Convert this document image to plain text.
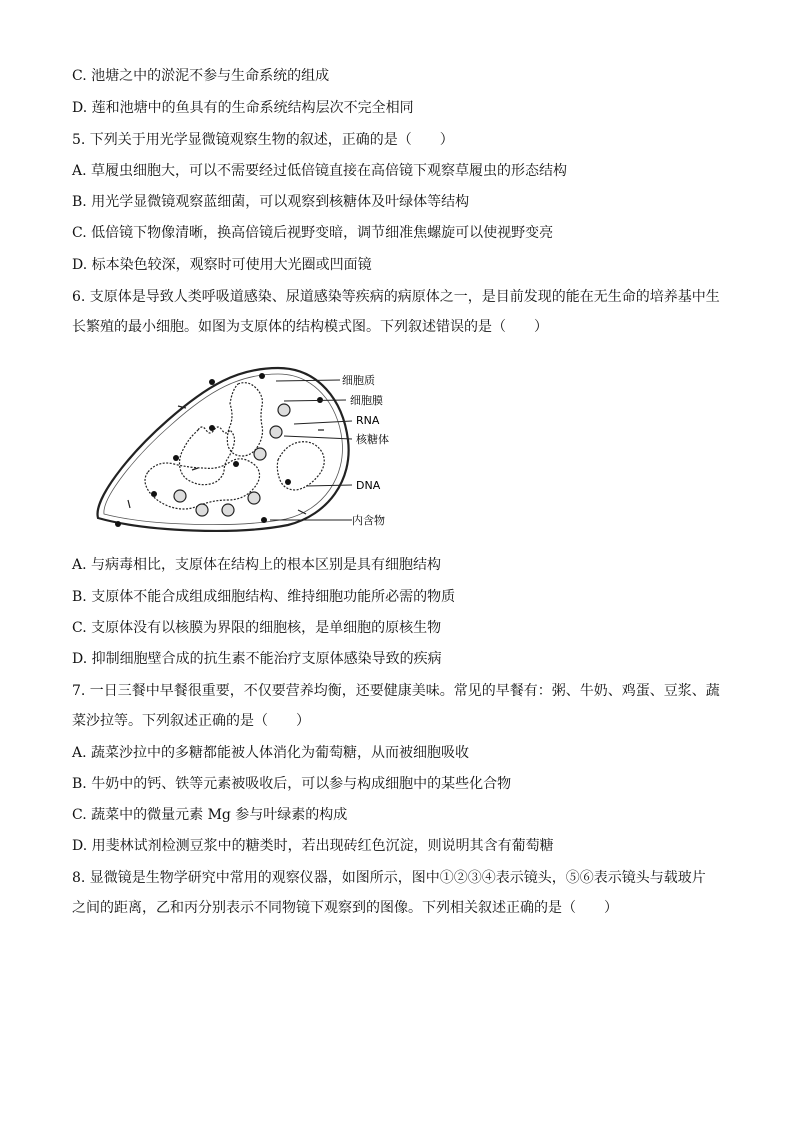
C. 池塘之中的淤泥不参与生命系统的组成
D. 莲和池塘中的鱼具有的生命系统结构层次不完全相同
5. 下列关于用光学显微镜观察生物的叙述，正确的是（　　）
A. 草履虫细胞大，可以不需要经过低倍镜直接在高倍镜下观察草履虫的形态结构
B. 用光学显微镜观察蓝细菌，可以观察到核糖体及叶绿体等结构
C. 低倍镜下物像清晰，换高倍镜后视野变暗，调节细准焦螺旋可以使视野变亮
D. 标本染色较深，观察时可使用大光圈或凹面镜
6. 支原体是导致人类呼吸道感染、尿道感染等疾病的病原体之一，是目前发现的能在无生命的培养基中生
长繁殖的最小细胞。如图为支原体的结构模式图。下列叙述错误的是（　　）
细胞质
细胞膜
RNA
核糖体
DNA
内含物
A. 与病毒相比，支原体在结构上的根本区别是具有细胞结构
B. 支原体不能合成组成细胞结构、维持细胞功能所必需的物质
C. 支原体没有以核膜为界限的细胞核，是单细胞的原核生物
D. 抑制细胞壁合成的抗生素不能治疗支原体感染导致的疾病
7. 一日三餐中早餐很重要，不仅要营养均衡，还要健康美味。常见的早餐有：粥、牛奶、鸡蛋、豆浆、蔬
菜沙拉等。下列叙述正确的是（　　）
A. 蔬菜沙拉中的多糖都能被人体消化为葡萄糖，从而被细胞吸收
B. 牛奶中的钙、铁等元素被吸收后，可以参与构成细胞中的某些化合物
C. 蔬菜中的微量元素 Mg 参与叶绿素的构成
D. 用斐林试剂检测豆浆中的糖类时，若出现砖红色沉淀，则说明其含有葡萄糖
8. 显微镜是生物学研究中常用的观察仪器，如图所示，图中①②③④表示镜头，⑤⑥表示镜头与载玻片
之间的距离，乙和丙分别表示不同物镜下观察到的图像。下列相关叙述正确的是（　　）
